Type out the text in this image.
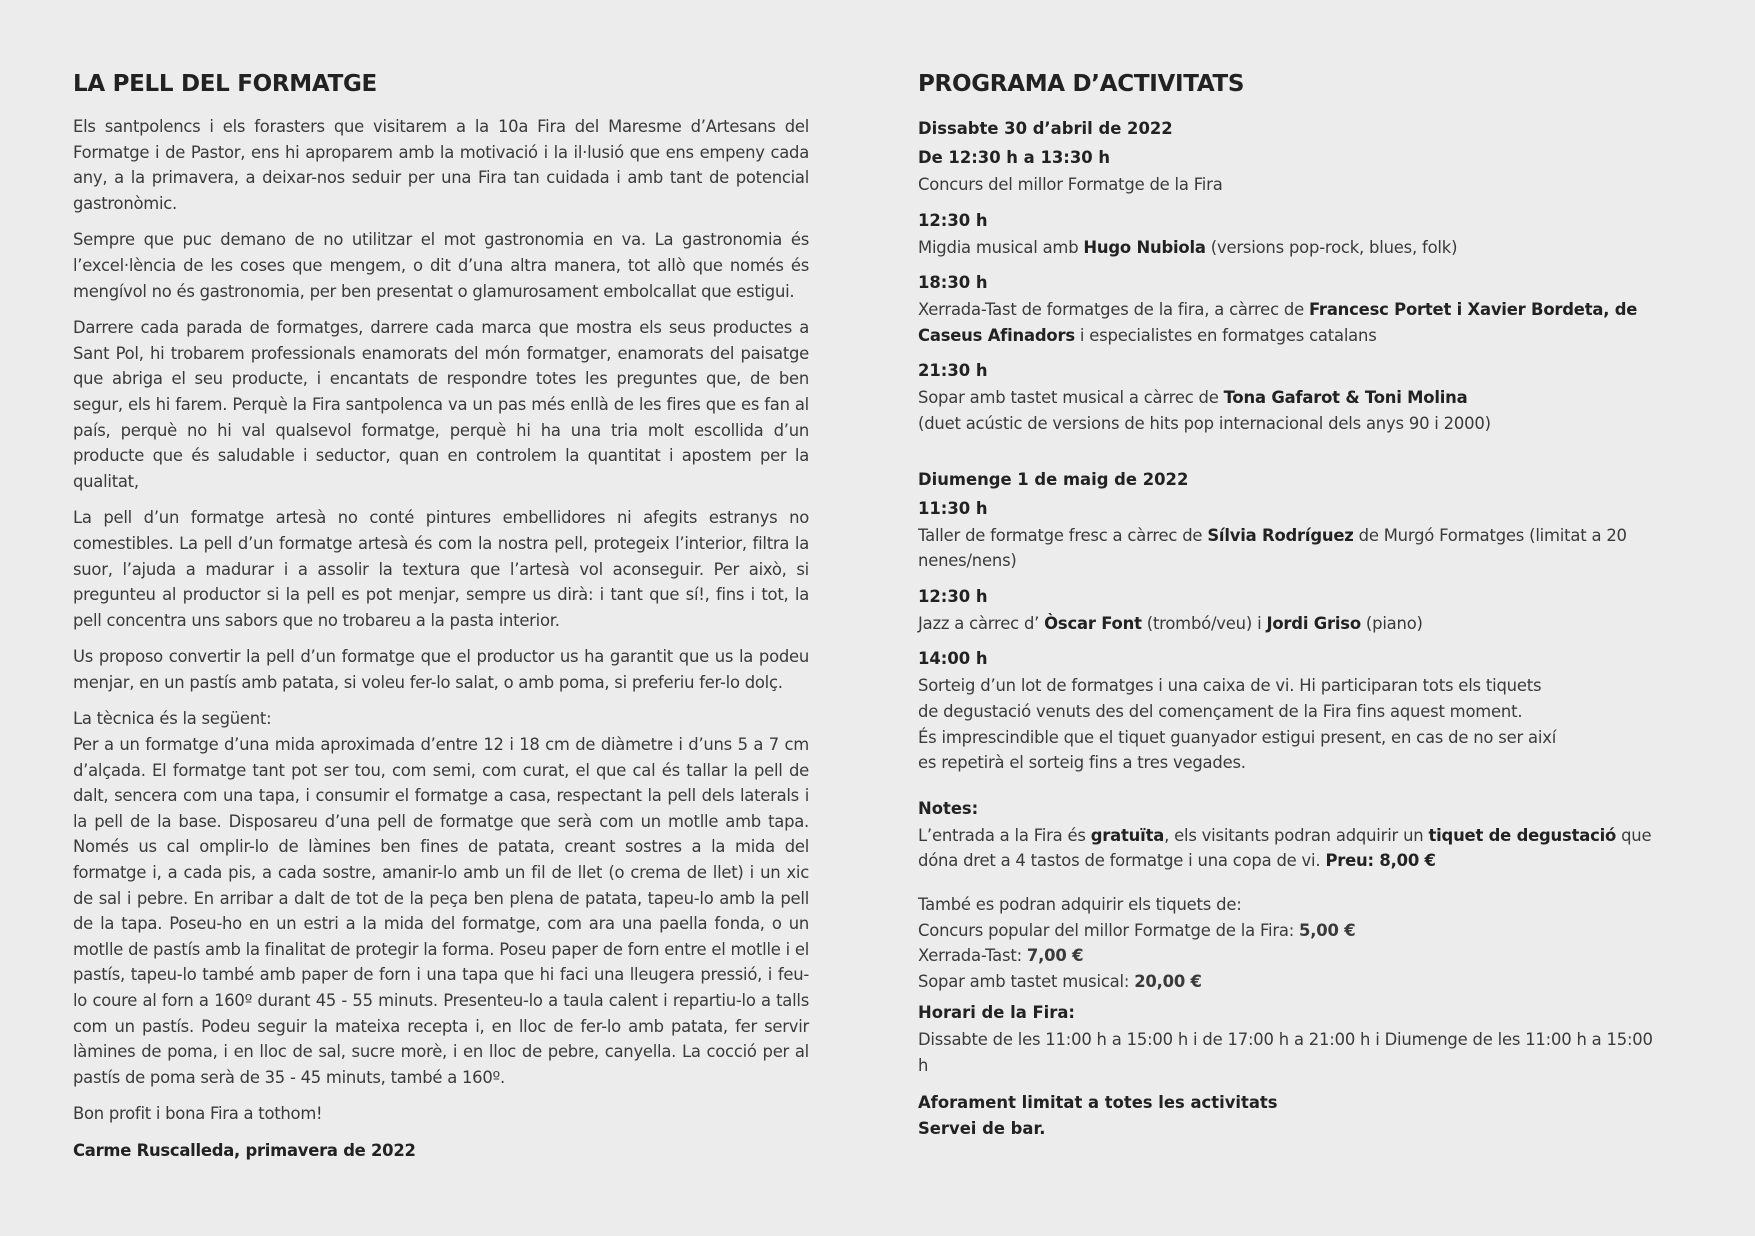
LA PELL DEL FORMATGE

Els santpolencs i els forasters que visitarem a la 10a Fira del Maresme d’Artesans del Formatge i de Pastor, ens hi aproparem amb la motivació i la il·lusió que ens empeny cada any, a la primavera, a deixar-nos seduir per una Fira tan cuidada i amb tant de potencial gastronòmic.

Sempre que puc demano de no utilitzar el mot gastronomia en va. La gastronomia és l’excel·lència de les coses que mengem, o dit d’una altra manera, tot allò que només és mengívol no és gastronomia, per ben presentat o glamurosament embolcallat que estigui.

Darrere cada parada de formatges, darrere cada marca que mostra els seus productes a Sant Pol, hi trobarem professionals enamorats del món formatger, enamorats del paisatge que abriga el seu producte, i encantats de respondre totes les preguntes que, de ben segur, els hi farem. Perquè la Fira santpolenca va un pas més enllà de les fires que es fan al país, perquè no hi val qualsevol formatge, perquè hi ha una tria molt escollida d’un producte que és saludable i seductor, quan en controlem la quantitat i apostem per la qualitat,

La pell d’un formatge artesà no conté pintures embellidores ni afegits estranys no comestibles. La pell d’un formatge artesà és com la nostra pell, protegeix l’interior, filtra la suor, l’ajuda a madurar i a assolir la textura que l’artesà vol aconseguir. Per això, si pregunteu al productor si la pell es pot menjar, sempre us dirà: i tant que sí!, fins i tot, la pell concentra uns sabors que no trobareu a la pasta interior.

Us proposo convertir la pell d’un formatge que el productor us ha garantit que us la podeu menjar, en un pastís amb patata, si voleu fer-lo salat, o amb poma, si preferiu fer-lo dolç.

La tècnica és la següent:
Per a un formatge d’una mida aproximada d’entre 12 i 18 cm de diàmetre i d’uns 5 a 7 cm d’alçada. El formatge tant pot ser tou, com semi, com curat, el que cal és tallar la pell de dalt, sencera com una tapa, i consumir el formatge a casa, respectant la pell dels laterals i la pell de la base. Disposareu d’una pell de formatge que serà com un motlle amb tapa. Només us cal omplir-lo de làmines ben fines de patata, creant sostres a la mida del formatge i, a cada pis, a cada sostre, amanir-lo amb un fil de llet (o crema de llet) i un xic de sal i pebre. En arribar a dalt de tot de la peça ben plena de patata, tapeu-lo amb la pell de la tapa. Poseu-ho en un estri a la mida del formatge, com ara una paella fonda, o un motlle de pastís amb la finalitat de protegir la forma. Poseu paper de forn entre el motlle i el pastís, tapeu-lo també amb paper de forn i una tapa que hi faci una lleugera pressió, i feu-lo coure al forn a 160º durant 45 - 55 minuts. Presenteu-lo a taula calent i repartiu-lo a talls com un pastís. Podeu seguir la mateixa recepta i, en lloc de fer-lo amb patata, fer servir làmines de poma, i en lloc de sal, sucre morè, i en lloc de pebre, canyella. La cocció per al pastís de poma serà de 35 - 45 minuts, també a 160º.

Bon profit i bona Fira a tothom!

Carme Ruscalleda, primavera de 2022

PROGRAMA D’ACTIVITATS

Dissabte 30 d’abril de 2022

De 12:30 h a 13:30 h

Concurs del millor Formatge de la Fira

12:30 h

Migdia musical amb Hugo Nubiola (versions pop-rock, blues, folk)

18:30 h

Xerrada-Tast de formatges de la fira, a càrrec de Francesc Portet i Xavier Bordeta, de Caseus Afinadors i especialistes en formatges catalans

21:30 h

Sopar amb tastet musical a càrrec de Tona Gafarot & Toni Molina
(duet acústic de versions de hits pop internacional dels anys 90 i 2000)

Diumenge 1 de maig de 2022

11:30 h

Taller de formatge fresc a càrrec de Sílvia Rodríguez de Murgó Formatges (limitat a 20 nenes/nens)

12:30 h

Jazz a càrrec d’ Òscar Font (trombó/veu) i Jordi Griso (piano)

14:00 h

Sorteig d’un lot de formatges i una caixa de vi. Hi participaran tots els tiquets
de degustació venuts des del començament de la Fira fins aquest moment.
És imprescindible que el tiquet guanyador estigui present, en cas de no ser així
es repetirà el sorteig fins a tres vegades.

Notes:

L’entrada a la Fira és gratuïta, els visitants podran adquirir un tiquet de degustació que dóna dret a 4 tastos de formatge i una copa de vi. Preu: 8,00 €

També es podran adquirir els tiquets de:

Concurs popular del millor Formatge de la Fira: 5,00 €

Xerrada-Tast: 7,00 €

Sopar amb tastet musical: 20,00 €

Horari de la Fira:

Dissabte de les 11:00 h a 15:00 h i de 17:00 h a 21:00 h i Diumenge de les 11:00 h a 15:00 h

Aforament limitat a totes les activitats

Servei de bar.
